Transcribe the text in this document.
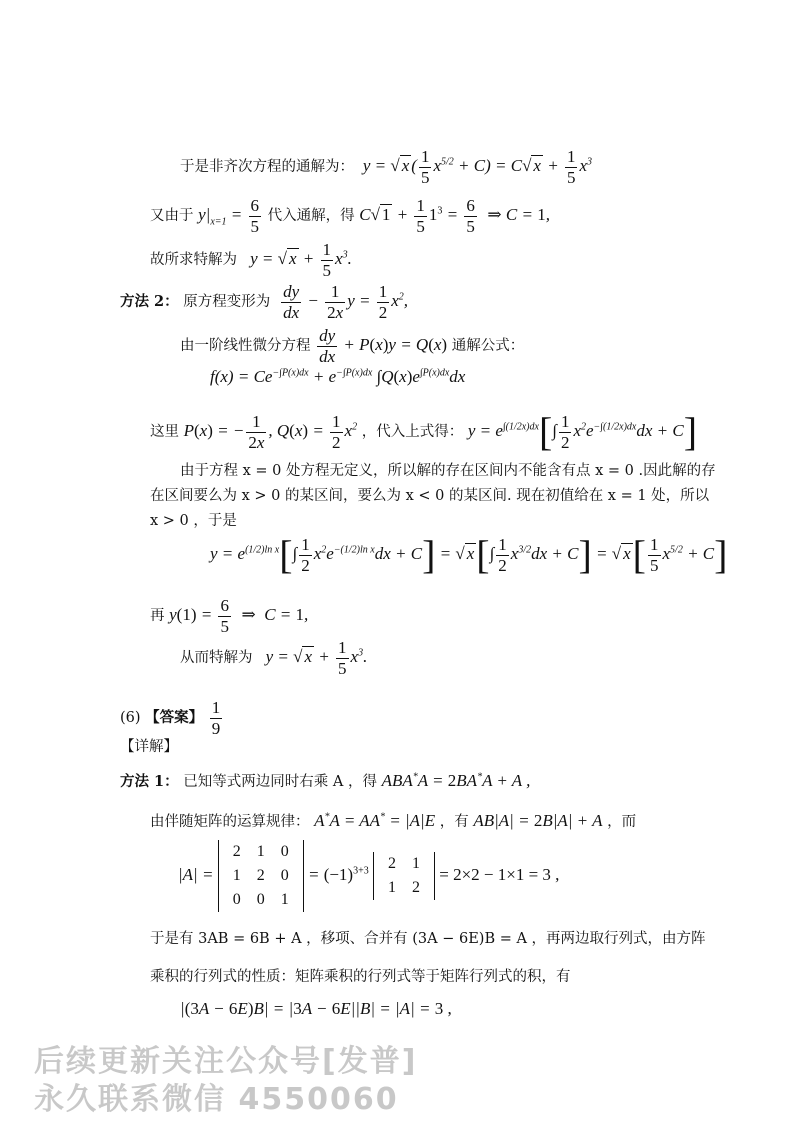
于是非齐次方程的通解为：  y = √ x ( $\frac{1}{5} x^{5/2} + C) = C√$ $x + \frac{1}{5} x^3$
又由于 $y|_{x=1} = \frac{6}{5}$ 代入通解，得 C√ $1 + \frac{1}{5} 1^3 = \frac{6}{5}$ ⇒ C = 1,
故所求特解为   y = √ $x + \frac{1}{5} x^3$.
方法 2： 原方程变形为 $\frac{dy}{dx} - \frac{1}{2x}$ $y = \frac{1}{2} x^2$,
由一阶线性微分方程 $\frac{dy}{dx} + P(x)y = Q(x)$ 通解公式：
$f(x) = Ce^{-\int P(x)dx} + e^{-\int P(x)dx}$ $\int Q(x)e^{\int P(x)dx}dx$
这里 P(x) = − $\frac{1}{2x}$ , $Q(x) = \frac{1}{2} x^2$ ，代入上式得： $y = e^{\int(1/2x)dx}[\int \frac{1}{2} x^2e^{-\int(1/2x)dx}dx + C]$
由于方程 x = 0 处方程无定义，所以解的存在区间内不能含有点 x = 0 .因此解的存
在区间要么为 x > 0 的某区间，要么为 x < 0 的某区间. 现在初值给在 x = 1 处，所以
x > 0 ，于是
$y = e^{(1/2)ln x}[\int \frac{1}{2} x^2e^{-(1/2)ln x}dx + C]$ = √ $x[\int \frac{1}{2} x^{3/2}dx + C]$ = √ $x[ \frac{1}{5} x^{5/2} + C]$
再 $y(1) = \frac{6}{5}$ ⇒  C = 1,
从而特解为   y = √ $x + \frac{1}{5} x^3$.
(6) 【答案】 $\frac{1}{9}$
【详解】
方法 1： 已知等式两边同时右乘 A ，得 ABA*A = 2BA*A + A ,
由伴随矩阵的运算规律： A*A = AA* = |A|E ，有 AB|A| = 2B|A| + A ，而
|A| =
2	1	0
1	2	0
0	0	1
= $(-1)^{3+3}$ 2	1
1	2
= 2×2 − 1×1 = 3 ,
于是有 3AB = 6B + A ，移项、合并有 (3A − 6E)B = A ，再两边取行列式，由方阵
乘积的行列式的性质：矩阵乘积的行列式等于矩阵行列式的积，有
|(3A − 6E)B| = |3A − 6E||B| = |A| = 3 ,
后续更新关注公众号[发普]
永久联系微信 4550060
